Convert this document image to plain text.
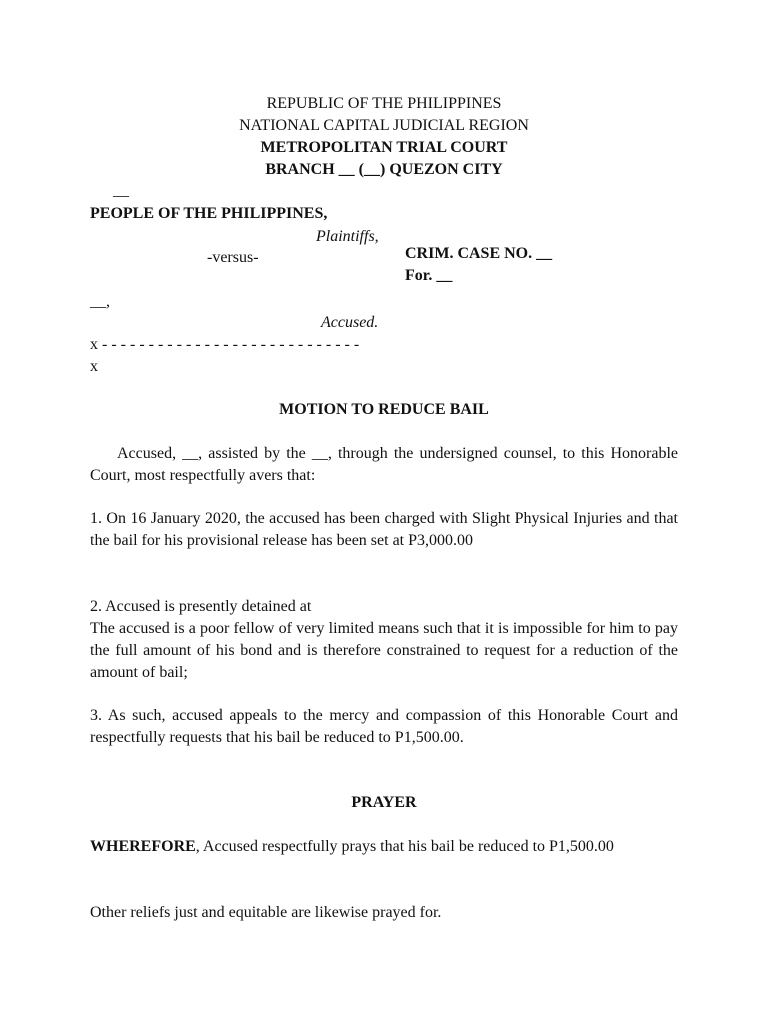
REPUBLIC OF THE PHILIPPINES
NATIONAL CAPITAL JUDICIAL REGION
METROPOLITAN TRIAL COURT
BRANCH __ (__) QUEZON CITY
__
PEOPLE OF THE PHILIPPINES,
Plaintiffs,
-versus-	CRIM. CASE NO. __
For. __
__,
Accused.
x - - - - - - - - - - - - - - - - - - - - - - - - - - - -
x
MOTION TO REDUCE BAIL

Accused, __, assisted by the __, through the undersigned counsel, to this Honorable Court, most respectfully avers that:

1. On 16 January 2020, the accused has been charged with Slight Physical Injuries and that the bail for his provisional release has been set at P3,000.00

2. Accused is presently detained at

The accused is a poor fellow of very limited means such that it is impossible for him to pay the full amount of his bond and is therefore constrained to request for a reduction of the amount of bail;

3. As such, accused appeals to the mercy and compassion of this Honorable Court and respectfully requests that his bail be reduced to P1,500.00.

PRAYER

WHEREFORE, Accused respectfully prays that his bail be reduced to P1,500.00

Other reliefs just and equitable are likewise prayed for.
